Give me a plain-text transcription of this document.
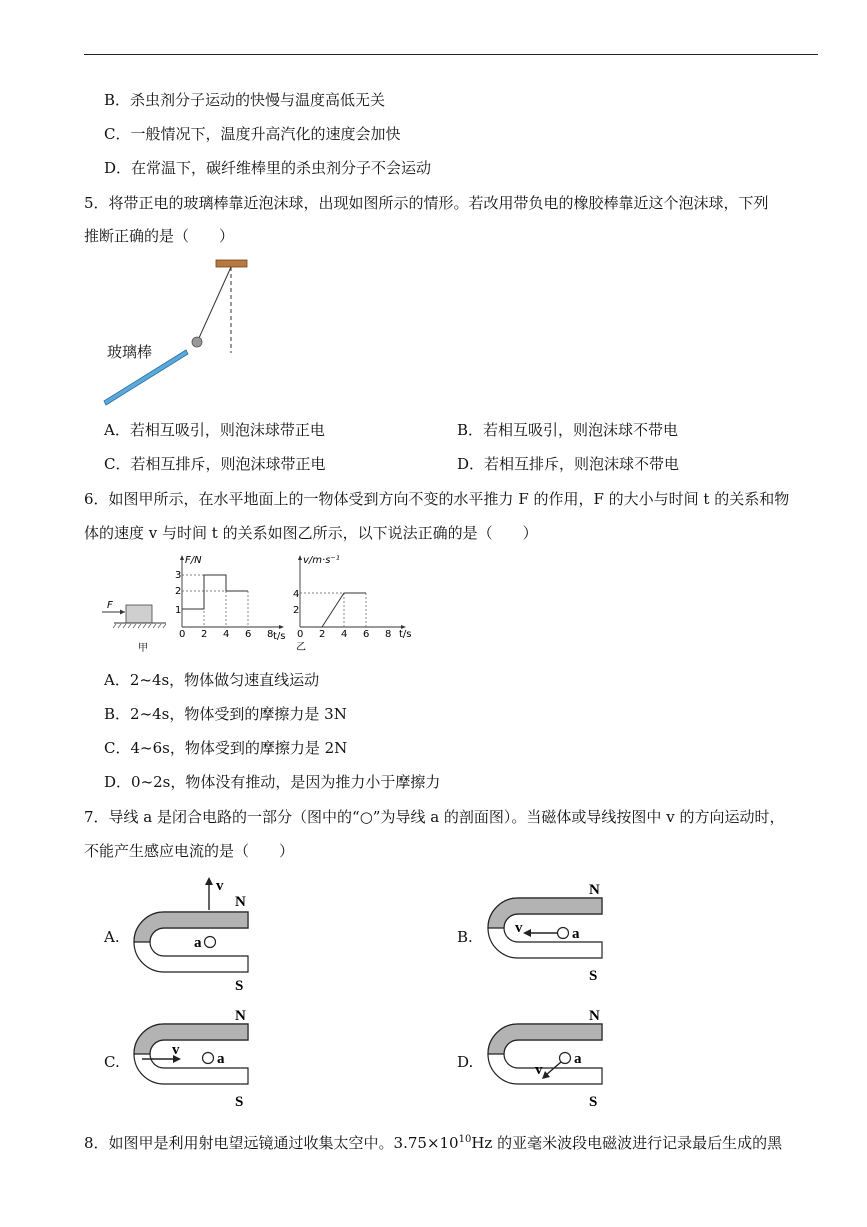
B．杀虫剂分子运动的快慢与温度高低无关
C．一般情况下，温度升高汽化的速度会加快
D．在常温下，碳纤维棒里的杀虫剂分子不会运动
5．将带正电的玻璃棒靠近泡沫球，出现如图所示的情形。若改用带负电的橡胶棒靠近这个泡沫球，下列
推断正确的是（　　）
玻璃棒
A．若相互吸引，则泡沫球带正电	B．若相互吸引，则泡沫球不带电
C．若相互排斥，则泡沫球带正电	D．若相互排斥，则泡沫球不带电
6．如图甲所示，在水平地面上的一物体受到方向不变的水平推力 F 的作用，F 的大小与时间 t 的关系和物
体的速度 v 与时间 t 的关系如图乙所示，以下说法正确的是（　　）
F
甲
F/N
t/s
1
2
3
0 2 4 6 8
v/m·s⁻¹
t/s
2
4
0 2 4 6 8
乙
A．2~4s，物体做匀速直线运动
B．2~4s，物体受到的摩擦力是 3N
C．4~6s，物体受到的摩擦力是 2N
D．0~2s，物体没有推动，是因为推力小于摩擦力
7．导线 a 是闭合电路的一部分（图中的“○”为导线 a 的剖面图）。当磁体或导线按图中 v 的方向运动时，
不能产生感应电流的是（　　）
A.
N
S
a
v
B.
N
S
a
v
C.
N
S
a
v
D.
N
S
a
v
8．如图甲是利用射电望远镜通过收集太空中。$3.75\times 10^{10}Hz$ 的亚毫米波段电磁波进行记录最后生成的黑
